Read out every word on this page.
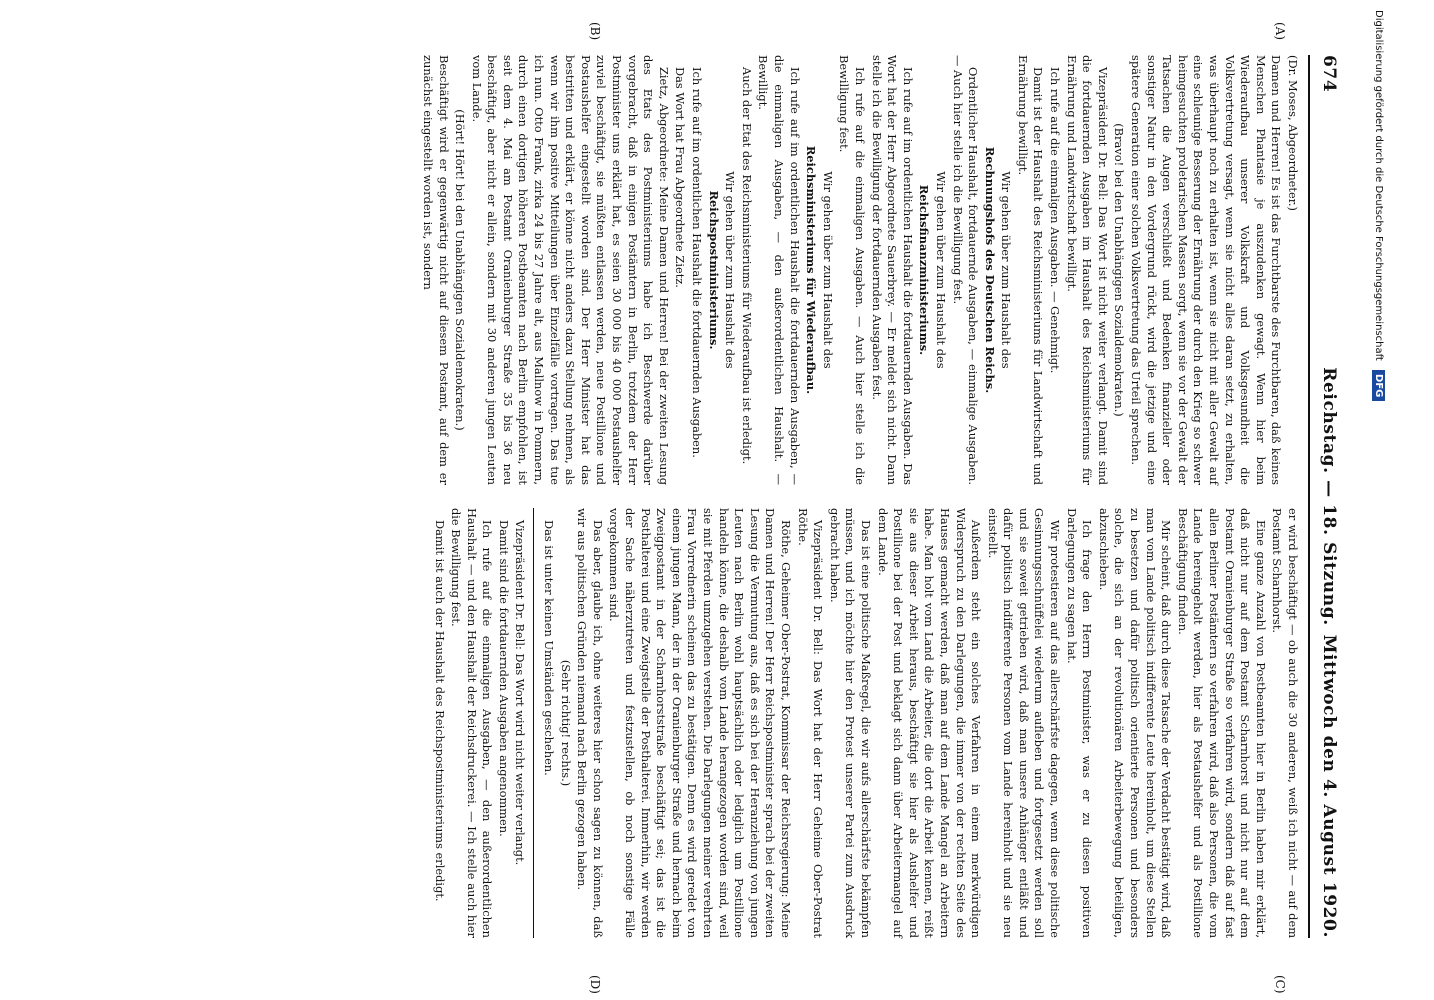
674
Reichstag. — 18. Sitzung.
Mittwoch den 4. August 1920.
(A)
(B)
(C)
(D)

(Dr. Moses, Abgeordneter.)

Damen und Herren! Es ist das Furchtbarste des Furchtbaren, daß keines Menschen Phantasie je auszudenken gewagt. Wenn hier beim Wiederaufbau unserer Volkskraft und Volksgesundheit die Volksvertretung versagt, wenn sie nicht alles daran setzt, zu erhalten, was überhaupt noch zu erhalten ist, wenn sie nicht mit aller Gewalt auf eine schleunige Besserung der Ernährung der durch den Krieg so schwer heimgesuchten proletarischen Massen sorgt, wenn sie vor der Gewalt der Tatsachen die Augen verschließt und Bedenken finanzieller oder sonstiger Natur in den Vordergrund rückt, wird die jetzige und eine spätere Generation einer solchen Volksvertretung das Urteil sprechen.

(Bravo! bei den Unabhängigen Sozialdemokraten.)

Vizepräsident Dr. Bell: Das Wort ist nicht weiter verlangt. Damit sind die fortdauernden Ausgaben im Haushalt des Reichsministeriums für Ernährung und Landwirtschaft bewilligt.

Ich rufe auf die einmaligen Ausgaben. — Genehmigt.

Damit ist der Haushalt des Reichsministeriums für Landwirtschaft und Ernährung bewilligt.

Wir gehen über zum Haushalt des

Rechnungshofs des Deutschen Reichs.

Ordentlicher Haushalt, fortdauernde Ausgaben, — einmalige Ausgaben. — Auch hier stelle ich die Bewilligung fest.

Wir gehen über zum Haushalt des

Reichsfinanzministeriums.

Ich rufe auf im ordentlichen Haushalt die fortdauernden Ausgaben. Das Wort hat der Herr Abgeordnete Sauerbrey. — Er meldet sich nicht. Dann stelle ich die Bewilligung der fortdauernden Ausgaben fest.

Ich rufe auf die einmaligen Ausgaben. — Auch hier stelle ich die Bewilligung fest.

Wir gehen über zum Haushalt des

Reichsministeriums für Wiederaufbau.

Ich rufe auf im ordentlichen Haushalt die fortdauernden Ausgaben, — die einmaligen Ausgaben, — den außerordentlichen Haushalt. — Bewilligt.

Auch der Etat des Reichsministeriums für Wiederaufbau ist erledigt.

Wir gehen über zum Haushalt des

Reichspostministeriums.

Ich rufe auf im ordentlichen Haushalt die fortdauernden Ausgaben.

Das Wort hat Frau Abgeordnete Zietz.

Zietz, Abgeordnete: Meine Damen und Herren! Bei der zweiten Lesung des Etats des Postministeriums habe ich Beschwerde darüber vorgebracht, daß in einigen Postämtern in Berlin, trotzdem der Herr Postminister uns erklärt hat, es seien 30 000 bis 40 000 Postaushelfer zuviel beschäftigt, sie müßten entlassen werden, neue Postillione und Postaushelfer eingestellt worden sind. Der Herr Minister hat das bestritten und erklärt, er könne nicht anders dazu Stellung nehmen, als wenn wir ihm positive Mitteilungen über Einzelfälle vortragen. Das tue ich nun. Otto Frank, zirka 24 bis 27 Jahre alt, aus Mallnow in Pommern, durch einen dortigen höheren Postbeamten nach Berlin empfohlen, ist seit dem 4. Mai am Postamt Oranienburger Straße 35 bis 36 neu beschäftigt, aber nicht er allein, sondern mit 30 anderen jungen Leuten vom Lande.

(Hört! Hört! bei den Unabhängigen Sozialdemokraten.)

Beschäftigt wird er gegenwärtig nicht auf diesem Postamt, auf dem er zunächst eingestellt worden ist, sondern

er wird beschäftigt — ob auch die 30 anderen, weiß ich nicht — auf dem Postamt Scharnhorst.

Eine ganze Anzahl von Postbeamten hier in Berlin haben mir erklärt, daß nicht nur auf dem Postamt Scharnhorst und nicht nur auf dem Postamt Oranienburger Straße so verfahren wird, sondern daß auf fast allen Berliner Postämtern so verfahren wird, daß also Personen, die vom Lande hereingeholt werden, hier als Postaushelfer und als Postillione Beschäftigung finden.

Mir scheint, daß durch diese Tatsache der Verdacht bestätigt wird, daß man vom Lande politisch indifferente Leute hereinholt, um diese Stellen zu besetzen und dafür politisch orientierte Personen und besonders solche, die sich an der revolutionären Arbeiterbewegung beteiligen, abzuschieben.

Ich frage den Herrn Postminister, was er zu diesen positiven Darlegungen zu sagen hat.

Wir protestieren auf das allerschärfste dagegen, wenn diese politische Gesinnungsschnüffelei wiederum aufleben und fortgesetzt werden soll und sie soweit getrieben wird, daß man unsere Anhänger entläßt und dafür politisch indifferente Personen vom Lande hereinholt und sie neu einstellt.

Außerdem steht ein solches Verfahren in einem merkwürdigen Widerspruch zu den Darlegungen, die immer von der rechten Seite des Hauses gemacht werden, daß man auf dem Lande Mangel an Arbeitern habe. Man holt vom Land die Arbeiter, die dort die Arbeit kennen, reißt sie aus dieser Arbeit heraus, beschäftigt sie hier als Aushelfer und Postillione bei der Post und beklagt sich dann über Arbeitermangel auf dem Lande.

Das ist eine politische Maßregel, die wir aufs allerschärfste bekämpfen müssen, und ich möchte hier den Protest unserer Partei zum Ausdruck gebracht haben.

Vizepräsident Dr. Bell: Das Wort hat der Herr Geheime Ober-Postrat Röthe.

Röthe, Geheimer Ober-Postrat, Kommissar der Reichsregierung: Meine Damen und Herren! Der Herr Reichspostminister sprach bei der zweiten Lesung die Vermutung aus, daß es sich bei der Heranziehung von jungen Leuten nach Berlin wohl hauptsächlich oder lediglich um Postillione handeln könne, die deshalb vom Lande herangezogen worden sind, weil sie mit Pferden umzugehen verstehen. Die Darlegungen meiner verehrten Frau Vorrednerin scheinen das zu bestätigen. Denn es wird geredet von einem jungen Mann, der in der Oranienburger Straße und hernach beim Zweigpostamt in der Scharnhorststraße beschäftigt sei; das ist die Posthalterei und eine Zweigstelle der Posthalterei. Immerhin, wir werden der Sache näherzutreten und festzustellen, ob noch sonstige Fälle vorgekommen sind.

Das aber, glaube ich, ohne weiteres hier schon sagen zu können, daß wir aus politischen Gründen niemand nach Berlin gezogen haben.

(Sehr richtig! rechts.)

Das ist unter keinen Umständen geschehen.

Vizepräsident Dr. Bell: Das Wort wird nicht weiter verlangt.

Damit sind die fortdauernden Ausgaben angenommen.

Ich rufe auf die einmaligen Ausgaben, — den außerordentlichen Haushalt — und den Haushalt der Reichsdruckerei. — Ich stelle auch hier die Bewilligung fest.

Damit ist auch der Haushalt des Reichspostministeriums erledigt.

Digitalisierung gefördert durch die Deutsche Forschungsgemeinschaft DFG
